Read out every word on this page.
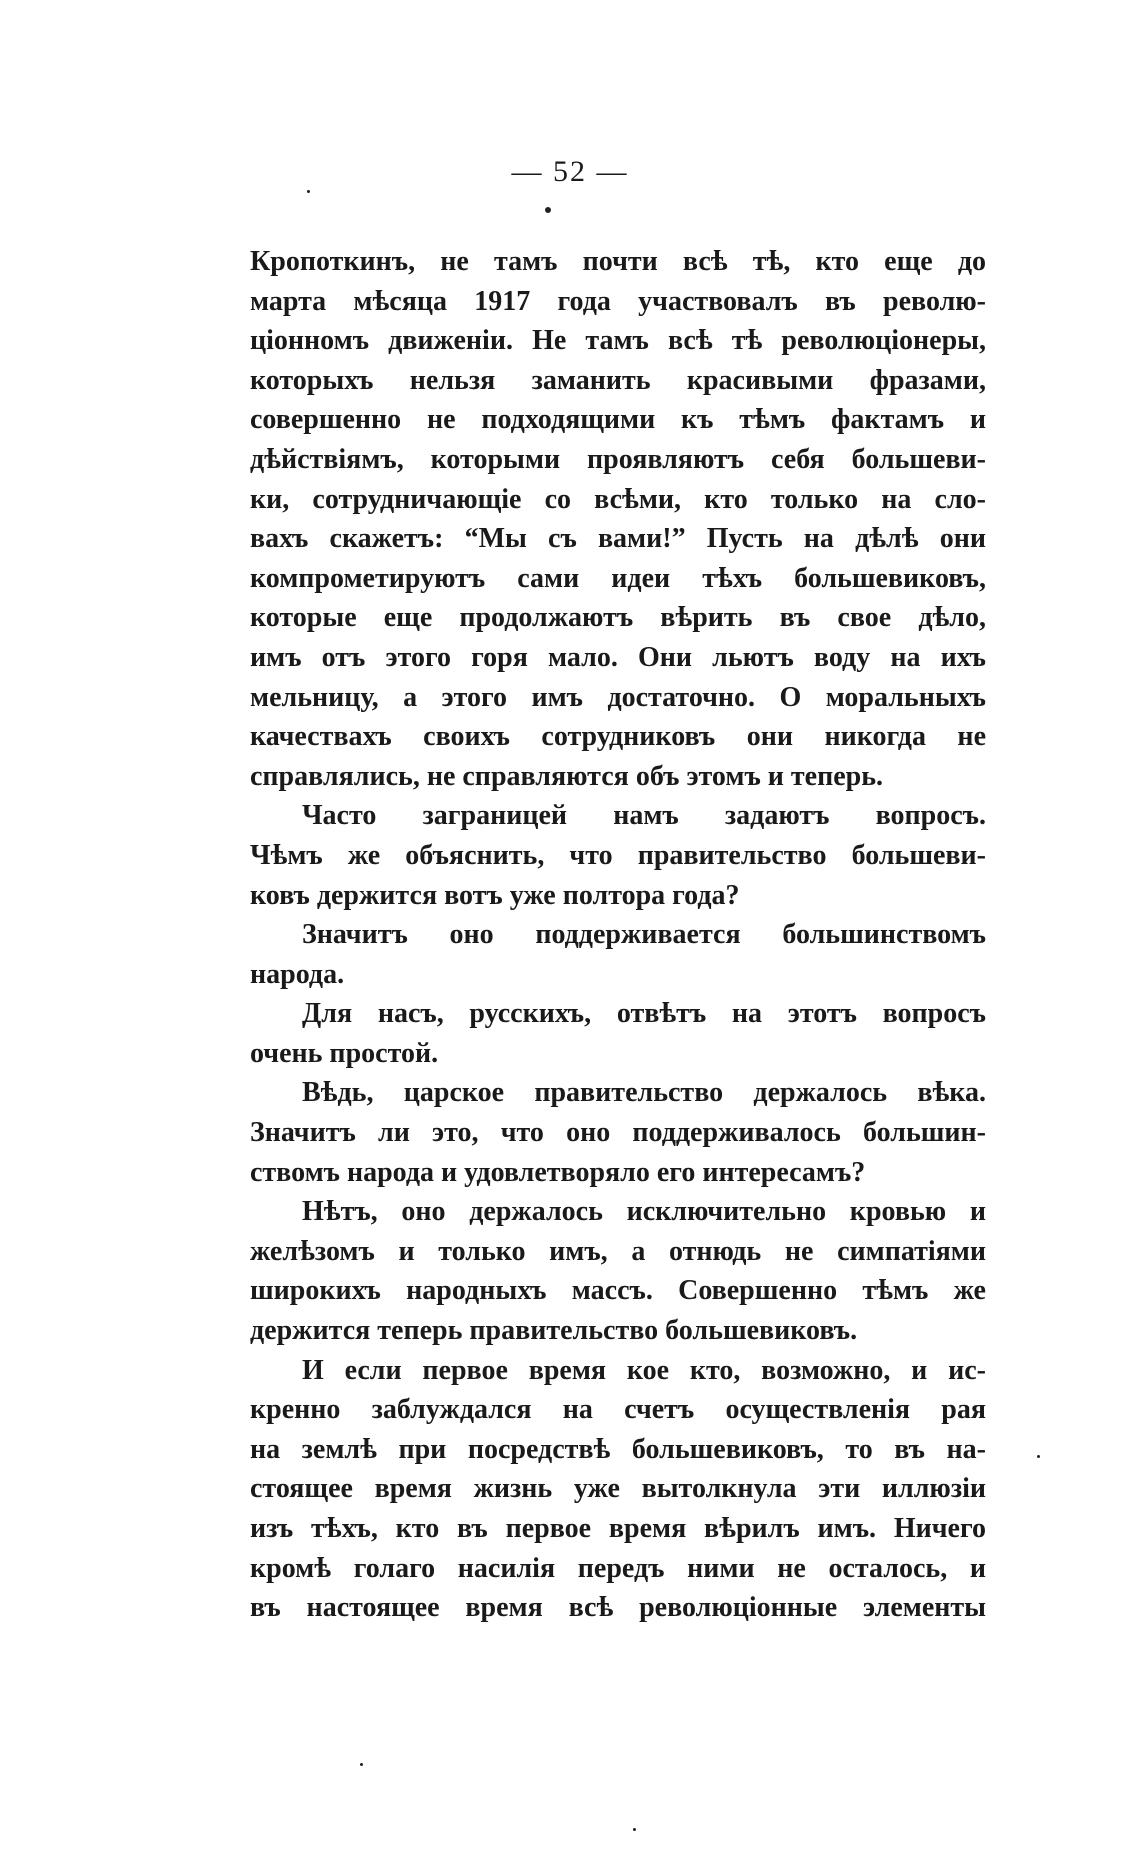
— 52 —
Кропоткинъ, не тамъ почти всѣ тѣ, кто еще до
марта мѣсяца 1917 года участвовалъ въ револю-
ціонномъ движеніи. Не тамъ всѣ тѣ революціонеры,
которыхъ нельзя заманить красивыми фразами,
совершенно не подходящими къ тѣмъ фактамъ и
дѣйствіямъ, которыми проявляютъ себя большеви-
ки, сотрудничающіе со всѣми, кто только на сло-
вахъ скажетъ: “Мы съ вами!” Пусть на дѣлѣ они
компрометируютъ сами идеи тѣхъ большевиковъ,
которые еще продолжаютъ вѣрить въ свое дѣло,
имъ отъ этого горя мало. Они льютъ воду на ихъ
мельницу, а этого имъ достаточно. О моральныхъ
качествахъ своихъ сотрудниковъ они никогда не
справлялись, не справляются объ этомъ и теперь.
Часто заграницей намъ задаютъ вопросъ.
Чѣмъ же объяснить, что правительство большеви-
ковъ держится вотъ уже полтора года?
Значитъ оно поддерживается большинствомъ
народа.
Для насъ, русскихъ, отвѣтъ на этотъ вопросъ
очень простой.
Вѣдь, царское правительство держалось вѣка.
Значитъ ли это, что оно поддерживалось большин-
ствомъ народа и удовлетворяло его интересамъ?
Нѣтъ, оно держалось исключительно кровью и
желѣзомъ и только имъ, а отнюдь не симпатіями
широкихъ народныхъ массъ. Совершенно тѣмъ же
держится теперь правительство большевиковъ.
И если первое время кое кто, возможно, и ис-
кренно заблуждался на счетъ осуществленія рая
на землѣ при посредствѣ большевиковъ, то въ на-
стоящее время жизнь уже вытолкнула эти иллюзіи
изъ тѣхъ, кто въ первое время вѣрилъ имъ. Ничего
кромѣ голаго насилія передъ ними не осталось, и
въ настоящее время всѣ революціонные элементы
